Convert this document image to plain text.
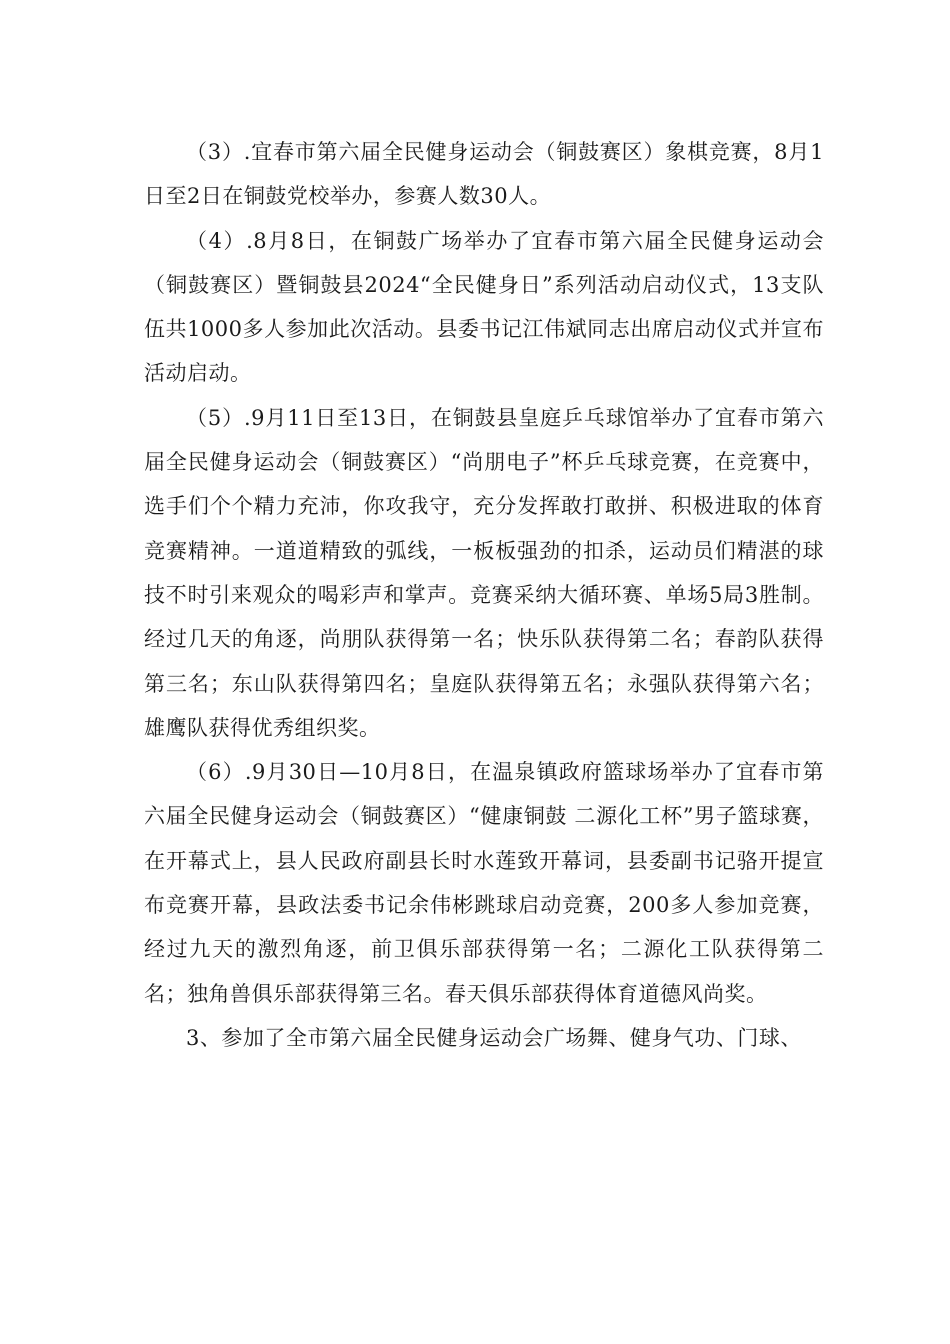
（3）.宜春市第六届全民健身运动会（铜鼓赛区）象棋竞赛，8月1日至2日在铜鼓党校举办，参赛人数30人。

（4）.8月8日，在铜鼓广场举办了宜春市第六届全民健身运动会（铜鼓赛区）暨铜鼓县2024“全民健身日”系列活动启动仪式，13支队伍共1000多人参加此次活动。县委书记江伟斌同志出席启动仪式并宣布活动启动。

（5）.9月11日至13日，在铜鼓县皇庭乒乓球馆举办了宜春市第六届全民健身运动会（铜鼓赛区）“尚朋电子”杯乒乓球竞赛，在竞赛中，选手们个个精力充沛，你攻我守，充分发挥敢打敢拼、积极进取的体育竞赛精神。一道道精致的弧线，一板板强劲的扣杀，运动员们精湛的球技不时引来观众的喝彩声和掌声。竞赛采纳大循环赛、单场5局3胜制。经过几天的角逐，尚朋队获得第一名；快乐队获得第二名；春韵队获得第三名；东山队获得第四名；皇庭队获得第五名；永强队获得第六名；雄鹰队获得优秀组织奖。

（6）.9月30日—10月8日，在温泉镇政府篮球场举办了宜春市第六届全民健身运动会（铜鼓赛区）“健康铜鼓 二源化工杯”男子篮球赛，在开幕式上，县人民政府副县长时水莲致开幕词，县委副书记骆开提宣布竞赛开幕，县政法委书记余伟彬跳球启动竞赛，200多人参加竞赛，经过九天的激烈角逐，前卫俱乐部获得第一名；二源化工队获得第二名；独角兽俱乐部获得第三名。春天俱乐部获得体育道德风尚奖。

3、参加了全市第六届全民健身运动会广场舞、健身气功、门球、
